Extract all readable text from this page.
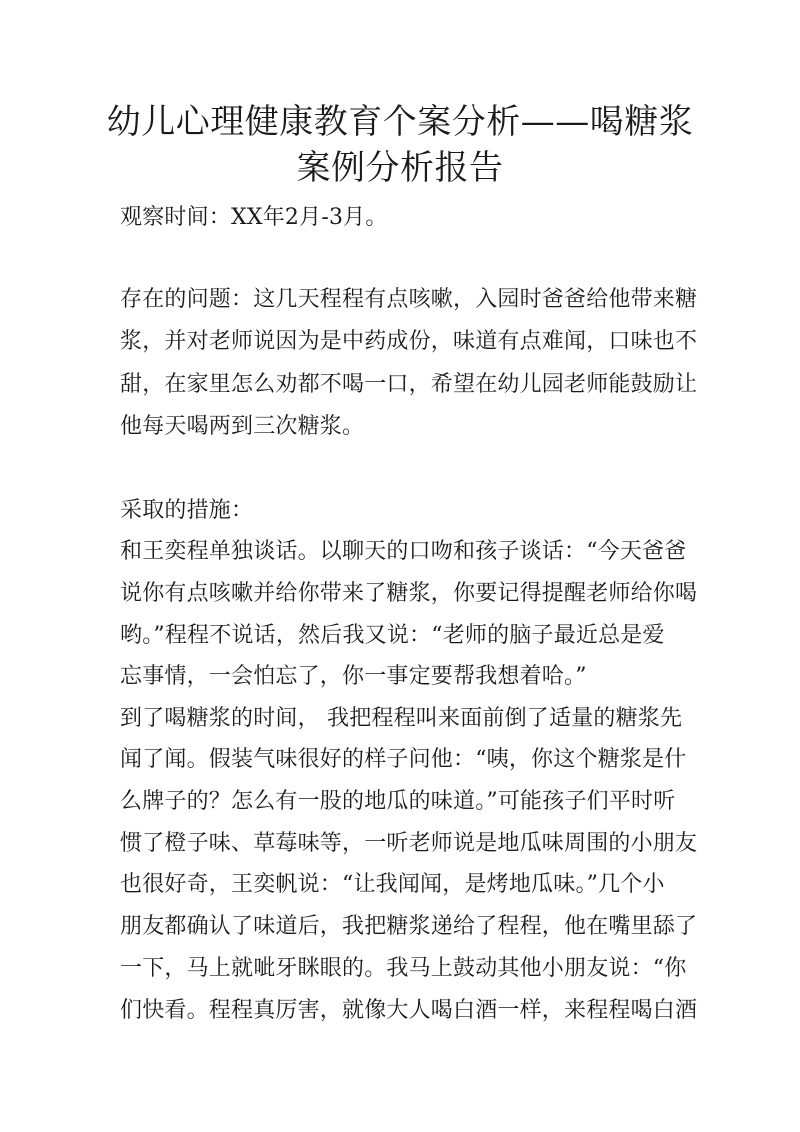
幼儿心理健康教育个案分析——喝糖浆
案例分析报告

观察时间：XX年2月-3月。

存在的问题：这几天程程有点咳嗽，入园时爸爸给他带来糖

浆，并对老师说因为是中药成份，味道有点难闻，口味也不

甜，在家里怎么劝都不喝一口，希望在幼儿园老师能鼓励让

他每天喝两到三次糖浆。

采取的措施：

和王奕程单独谈话。以聊天的口吻和孩子谈话：“今天爸爸

说你有点咳嗽并给你带来了糖浆，你要记得提醒老师给你喝

哟。”程程不说话，然后我又说：“老师的脑子最近总是爱

忘事情，一会怕忘了，你一事定要帮我想着哈。”

到了喝糖浆的时间， 我把程程叫来面前倒了适量的糖浆先

闻了闻。假装气味很好的样子问他：“咦，你这个糖浆是什

么牌子的？怎么有一股的地瓜的味道。”可能孩子们平时听

惯了橙子味、草莓味等，一听老师说是地瓜味周围的小朋友

也很好奇，王奕帆说：“让我闻闻，是烤地瓜味。”几个小

朋友都确认了味道后，我把糖浆递给了程程，他在嘴里舔了

一下，马上就呲牙眯眼的。我马上鼓动其他小朋友说：“你

们快看。程程真厉害，就像大人喝白酒一样，来程程喝白酒
